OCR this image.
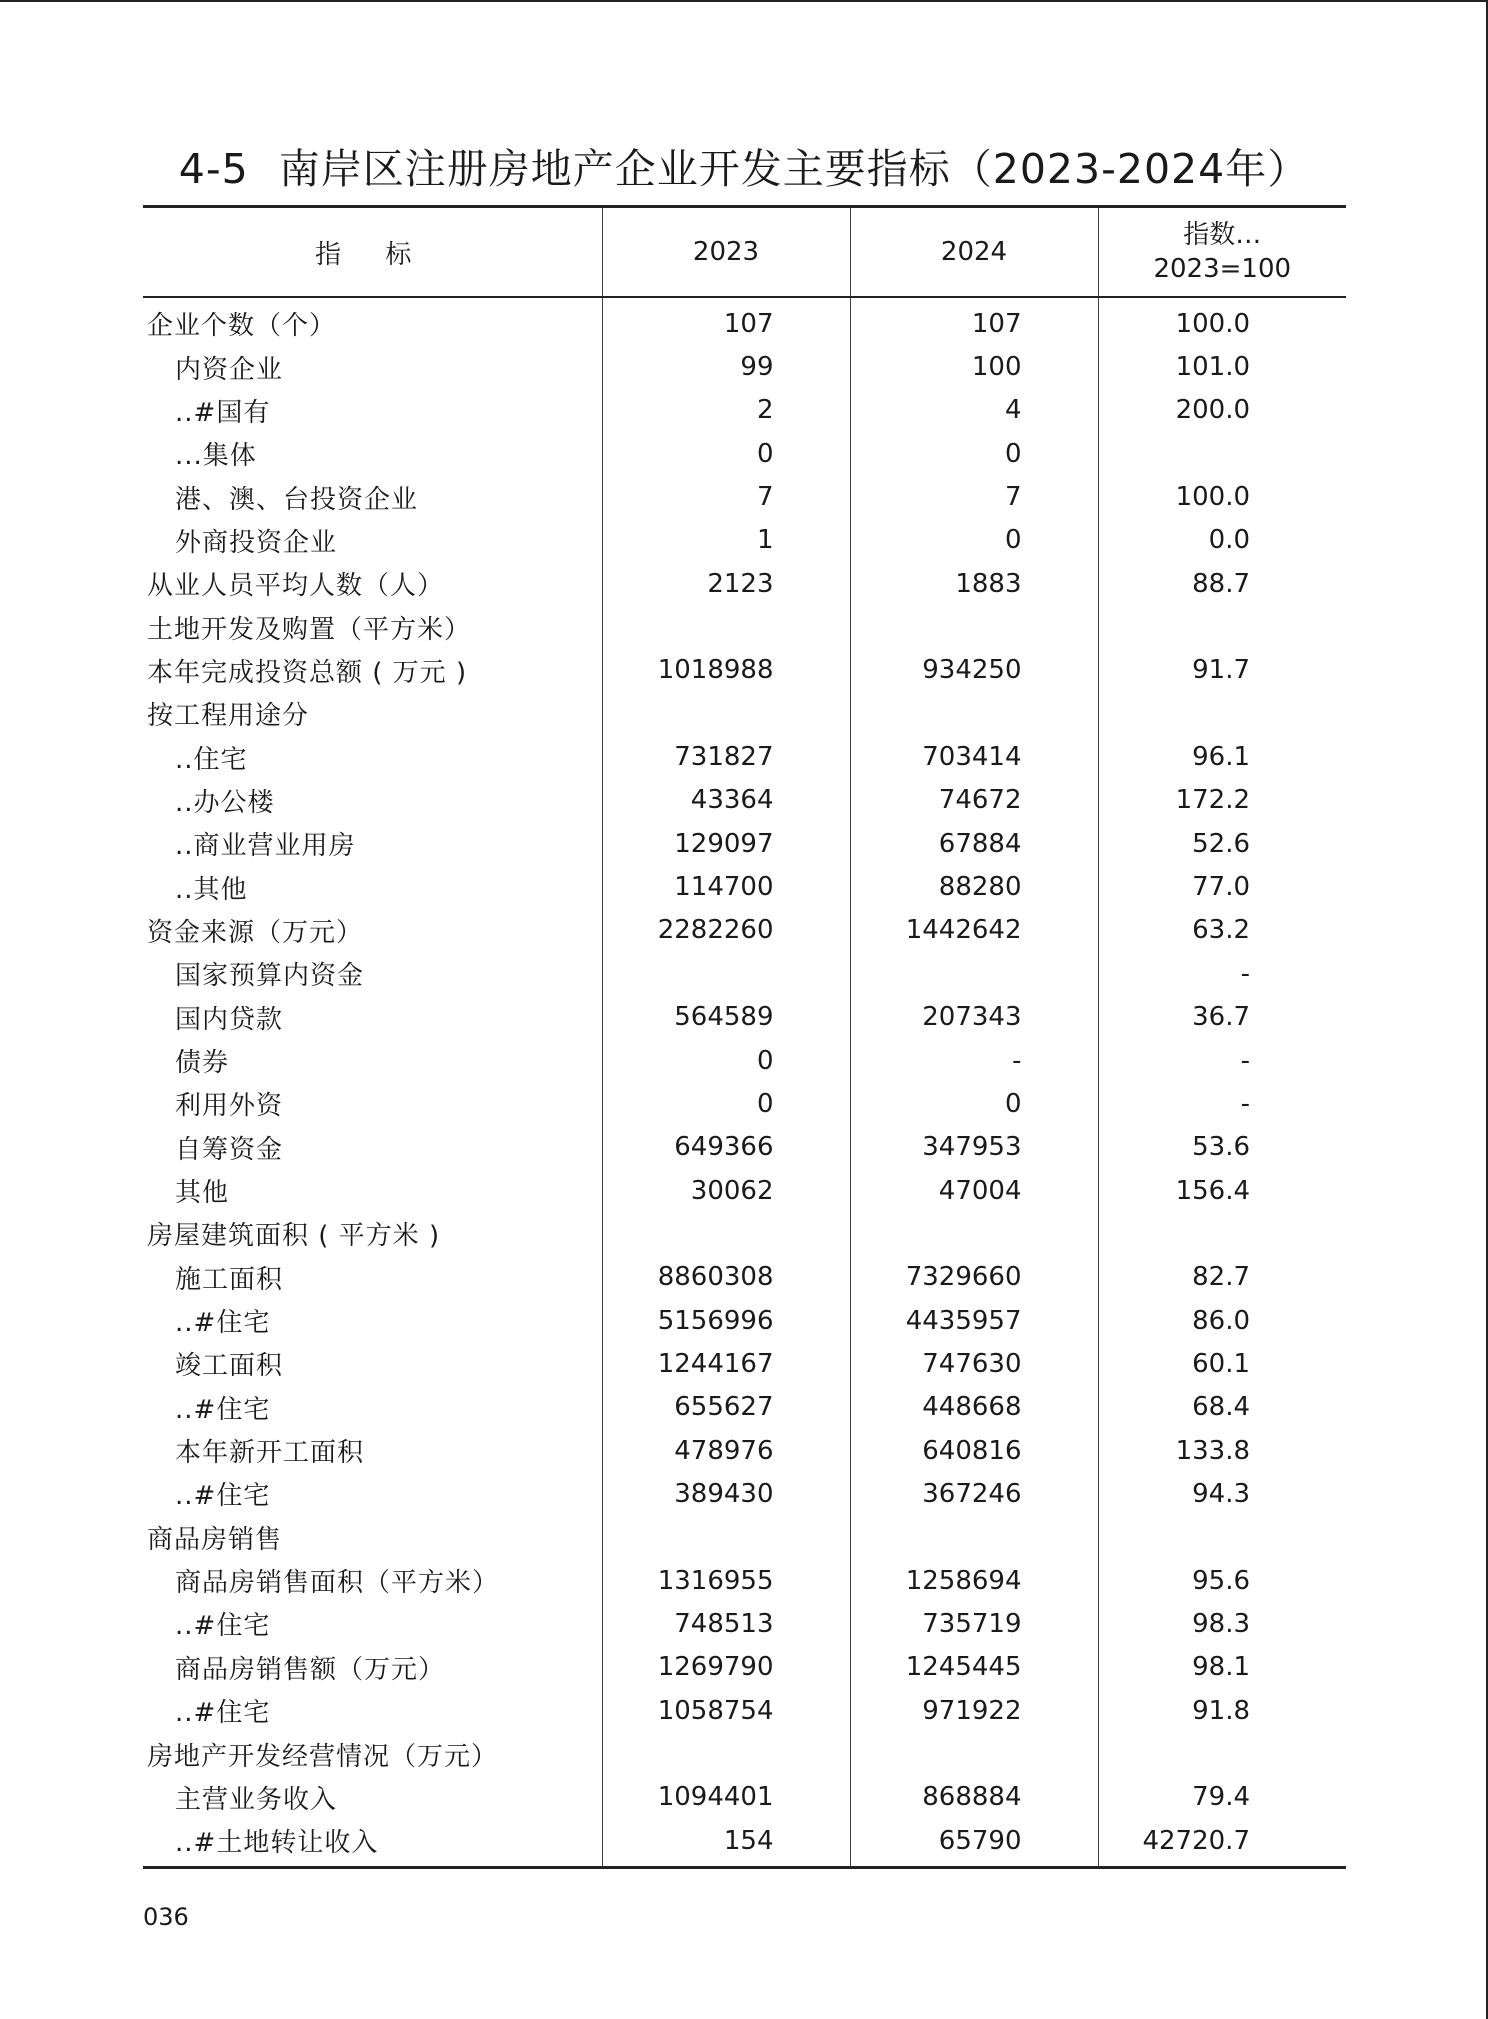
4-5 南岸区注册房地产企业开发主要指标（2023-2024年）
指 标	2023	2024	指数…
2023=100

企业个数（个）	107	107	100.0
内资企业	99	100	101.0
..#国有	2	4	200.0
...集体	0	0	
港、澳、台投资企业	7	7	100.0
外商投资企业	1	0	0.0
从业人员平均人数（人）	2123	1883	88.7
土地开发及购置（平方米）			
本年完成投资总额 ( 万元 )	1018988	934250	91.7
按工程用途分			
..住宅	731827	703414	96.1
..办公楼	43364	74672	172.2
..商业营业用房	129097	67884	52.6
..其他	114700	88280	77.0
资金来源（万元）	2282260	1442642	63.2
国家预算内资金			-
国内贷款	564589	207343	36.7
债券	0	-	-
利用外资	0	0	-
自筹资金	649366	347953	53.6
其他	30062	47004	156.4
房屋建筑面积 ( 平方米 )			
施工面积	8860308	7329660	82.7
..#住宅	5156996	4435957	86.0
竣工面积	1244167	747630	60.1
..#住宅	655627	448668	68.4
本年新开工面积	478976	640816	133.8
..#住宅	389430	367246	94.3
商品房销售			
商品房销售面积（平方米）	1316955	1258694	95.6
..#住宅	748513	735719	98.3
商品房销售额（万元）	1269790	1245445	98.1
..#住宅	1058754	971922	91.8
房地产开发经营情况（万元）			
主营业务收入	1094401	868884	79.4
..#土地转让收入	154	65790	42720.7
036
